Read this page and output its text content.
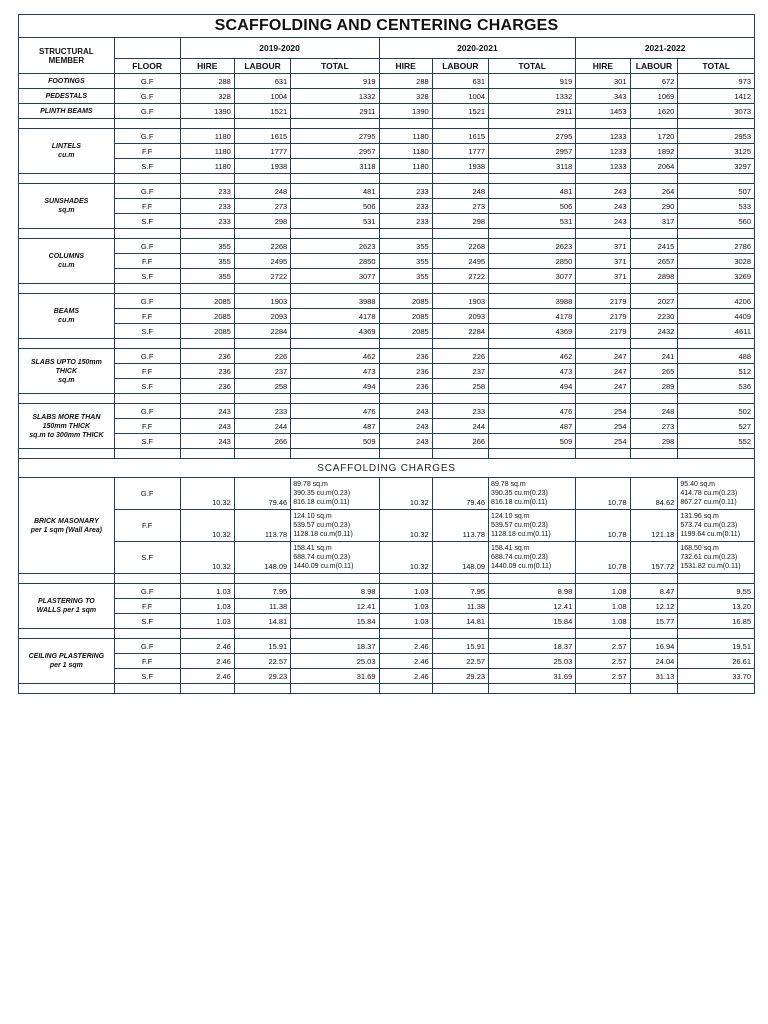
SCAFFOLDING AND CENTERING CHARGES
STRUCTURAL MEMBER		2019-2020			2020-2021			2021-2022		
	FLOOR	HIRE	LABOUR	TOTAL	HIRE	LABOUR	TOTAL	HIRE	LABOUR	TOTAL
FOOTINGS	G.F	288	631	919	288	631	919	301	672	973
PEDESTALS	G.F	328	1004	1332	328	1004	1332	343	1069	1412
PLINTH BEAMS	G.F	1390	1521	2911	1390	1521	2911	1453	1620	3073

LINTELS
cu.m	G.F	1180	1615	2795	1180	1615	2795	1233	1720	2953
	F.F	1180	1777	2957	1180	1777	2957	1233	1892	3125
	S.F	1180	1938	3118	1180	1938	3118	1233	2064	3297

SUNSHADES
sq.m	G.F	233	248	481	233	248	481	243	264	507
	F.F	233	273	506	233	273	506	243	290	533
	S.F	233	298	531	233	298	531	243	317	560

COLUMNS
cu.m	G.F	355	2268	2623	355	2268	2623	371	2415	2786
	F.F	355	2495	2850	355	2495	2850	371	2657	3028
	S.F	355	2722	3077	355	2722	3077	371	2898	3269

BEAMS
cu.m	G.F	2085	1903	3988	2085	1903	3988	2179	2027	4206
	F.F	2085	2093	4178	2085	2093	4178	2179	2230	4409
	S.F	2085	2284	4369	2085	2284	4369	2179	2432	4611

SLABS UPTO 150mm THICK
sq.m	G.F	236	226	462	236	226	462	247	241	488
	F.F	236	237	473	236	237	473	247	265	512
	S.F	236	258	494	236	258	494	247	289	536

SLABS MORE THAN 150mm THICK
sq.m to 300mm THICK	G.F	243	233	476	243	233	476	254	248	502
	F.F	243	244	487	243	244	487	254	273	527
	S.F	243	266	509	243	266	509	254	298	552

SCAFFOLDING CHARGES										
BRICK MASONARY
per 1 sqm (Wall Area)	G.F	10.32	79.46	89.78 sq.m
390.35 cu.m(0.23)
816.18 cu.m(0.11)	10.32	79.46	89.78 sq.m
390.35 cu.m(0.23)
816.18 cu.m(0.11)	10.78	84.62	95.40 sq.m
414.78 cu.m(0.23)
867.27 cu.m(0.11)
	F.F	10.32	113.78	124.10 sq.m
539.57 cu.m(0.23)
1128.18 cu.m(0.11)	10.32	113.78	124.10 sq.m
539.57 cu.m(0.23)
1128.18 cu.m(0.11)	10.78	121.18	131.96 sq.m
573.74 cu.m(0.23)
1199.64 cu.m(0.11)
	S.F	10.32	148.09	158.41 sq.m
688.74 cu.m(0.23)
1440.09 cu.m(0.11)	10.32	148.09	158.41 sq.m
688.74 cu.m(0.23)
1440.09 cu.m(0.11)	10.78	157.72	168.50 sq.m
732.61 cu.m(0.23)
1531.82 cu.m(0.11)

PLASTERING TO
WALLS per 1 sqm	G.F	1.03	7.95	8.98	1.03	7.95	8.98	1.08	8.47	9.55
	F.F	1.03	11.38	12.41	1.03	11.38	12.41	1.08	12.12	13.20
	S.F	1.03	14.81	15.84	1.03	14.81	15.84	1.08	15.77	16.85

CEILING PLASTERING
per 1 sqm	G.F	2.46	15.91	18.37	2.46	15.91	18.37	2.57	16.94	19.51
	F.F	2.46	22.57	25.03	2.46	22.57	25.03	2.57	24.04	26.61
	S.F	2.46	29.23	31.69	2.46	29.23	31.69	2.57	31.13	33.70
